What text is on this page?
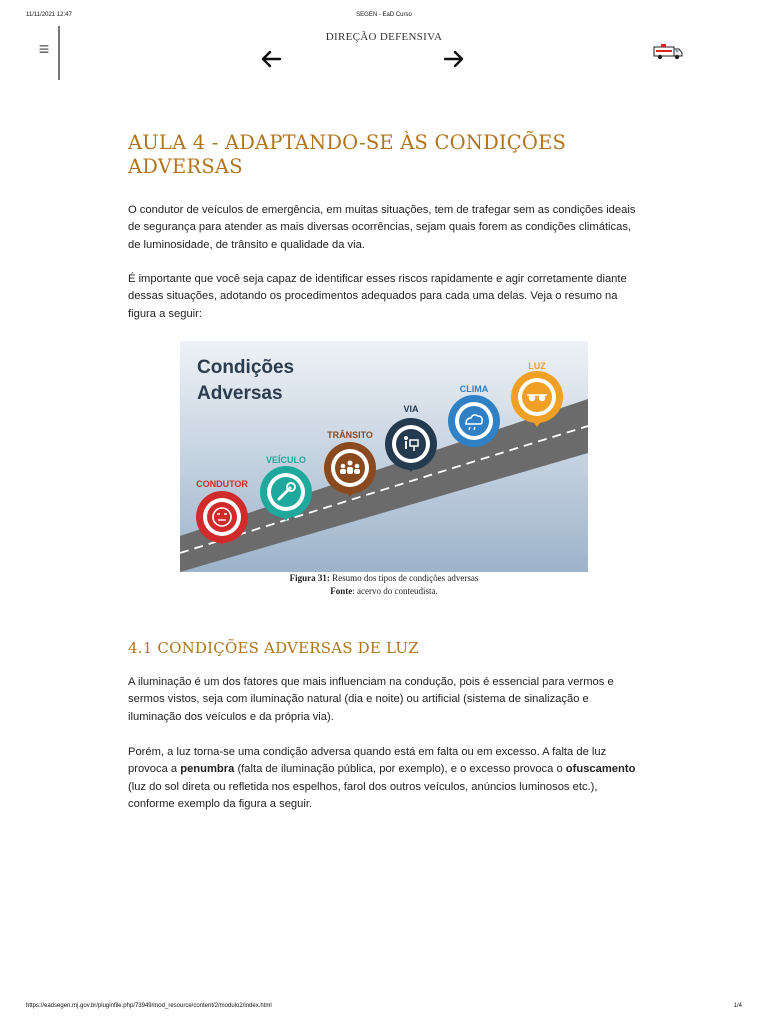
11/11/2021 12:47	SEGEN - EaD Curso
≡
DIREÇÃO DEFENSIVA
AULA 4 - ADAPTANDO-SE ÀS CONDIÇÕES ADVERSAS

O condutor de veículos de emergência, em muitas situações, tem de trafegar sem as condições ideais de segurança para atender as mais diversas ocorrências, sejam quais forem as condições climáticas, de luminosidade, de trânsito e qualidade da via.

É importante que você seja capaz de identificar esses riscos rapidamente e agir corretamente diante dessas situações, adotando os procedimentos adequados para cada uma delas. Veja o resumo na figura a seguir:

Condições
Adversas
CONDUTOR
VEÍCULO
TRÂNSITO
VIA
CLIMA
LUZ
Figura 31: Resumo dos tipos de condições adversas
Fonte: acervo do conteudista.
4.1 CONDIÇÕES ADVERSAS DE LUZ

A iluminação é um dos fatores que mais influenciam na condução, pois é essencial para vermos e sermos vistos, seja com iluminação natural (dia e noite) ou artificial (sistema de sinalização e iluminação dos veículos e da própria via).

Porém, a luz torna-se uma condição adversa quando está em falta ou em excesso. A falta de luz provoca a penumbra (falta de iluminação pública, por exemplo), e o excesso provoca o ofuscamento (luz do sol direta ou refletida nos espelhos, farol dos outros veículos, anúncios luminosos etc.), conforme exemplo da figura a seguir.

https://eadsegen.mj.gov.br/pluginfile.php/73949/mod_resource/content/2/modulo2/index.html	1/4
